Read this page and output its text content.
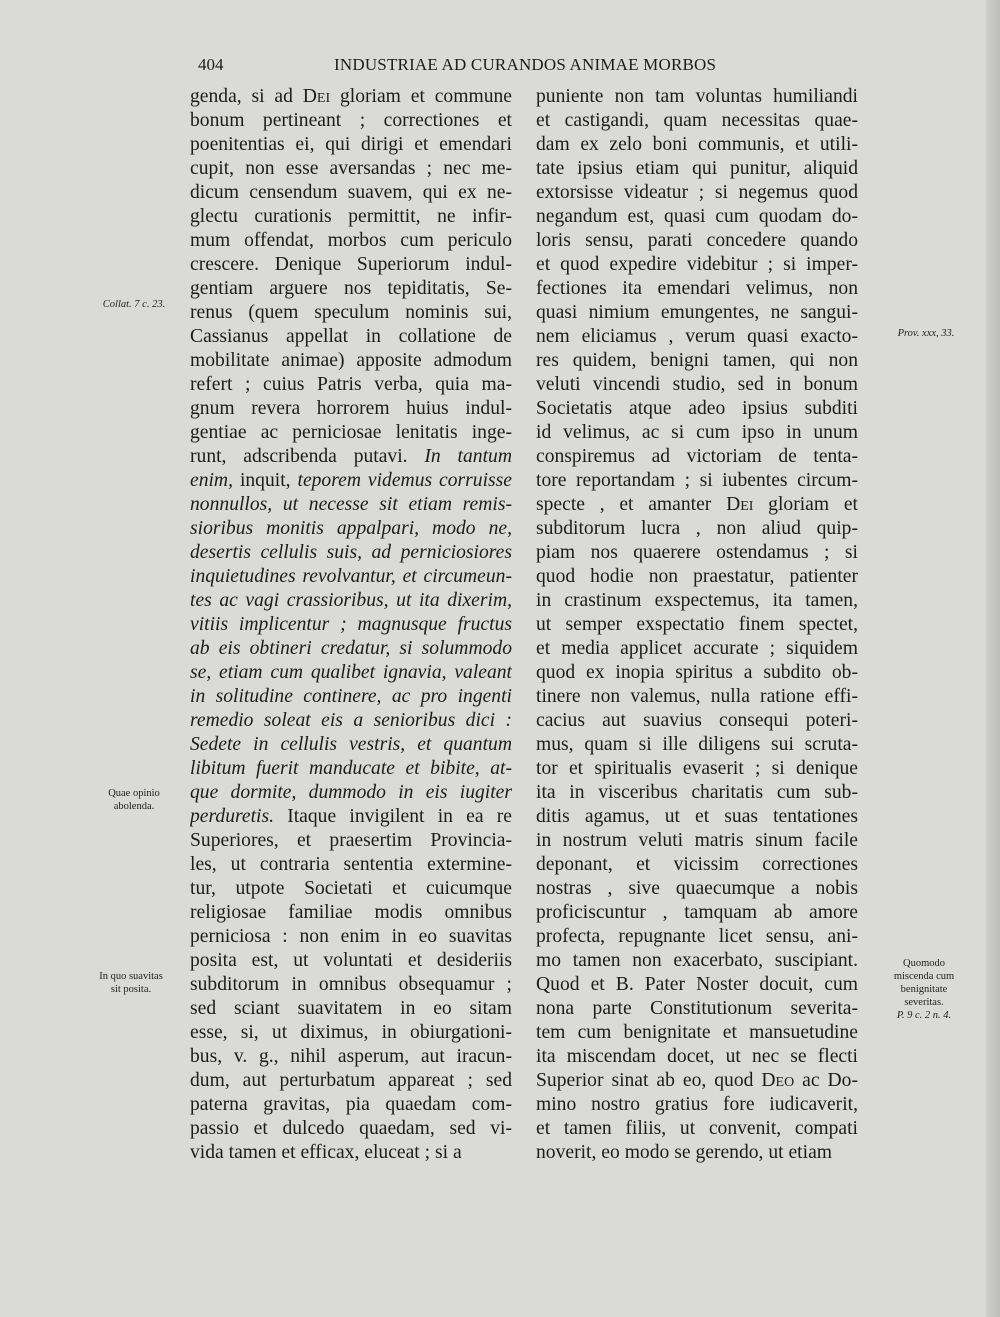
404	INDUSTRIAE AD CURANDOS ANIMAE MORBOS
genda, si ad Dei gloriam et commune
bonum pertineant ; correctiones et
poenitentias ei, qui dirigi et emendari
cupit, non esse aversandas ; nec me-
dicum censendum suavem, qui ex ne-
glectu curationis permittit, ne infir-
mum offendat, morbos cum periculo
crescere. Denique Superiorum indul-
gentiam arguere nos tepiditatis, Se-
renus (quem speculum nominis sui,
Cassianus appellat in collatione de
mobilitate animae) apposite admodum
refert ; cuius Patris verba, quia ma-
gnum revera horrorem huius indul-
gentiae ac perniciosae lenitatis inge-
runt, adscribenda putavi. In tantum
enim, inquit, teporem videmus corruisse
nonnullos, ut necesse sit etiam remis-
sioribus monitis appalpari, modo ne,
desertis cellulis suis, ad perniciosiores
inquietudines revolvantur, et circumeun-
tes ac vagi crassioribus, ut ita dixerim,
vitiis implicentur ; magnusque fructus
ab eis obtineri credatur, si solummodo
se, etiam cum qualibet ignavia, valeant
in solitudine continere, ac pro ingenti
remedio soleat eis a senioribus dici :
Sedete in cellulis vestris, et quantum
libitum fuerit manducate et bibite, at-
que dormite, dummodo in eis iugiter
perduretis. Itaque invigilent in ea re
Superiores, et praesertim Provincia-
les, ut contraria sententia extermine-
tur, utpote Societati et cuicumque
religiosae familiae modis omnibus
perniciosa : non enim in eo suavitas
posita est, ut voluntati et desideriis
subditorum in omnibus obsequamur ;
sed sciant suavitatem in eo sitam
esse, si, ut diximus, in obiurgationi-
bus, v. g., nihil asperum, aut iracun-
dum, aut perturbatum appareat ; sed
paterna gravitas, pia quaedam com-
passio et dulcedo quaedam, sed vi-
vida tamen et efficax, eluceat ; si a
puniente non tam voluntas humiliandi
et castigandi, quam necessitas quae-
dam ex zelo boni communis, et utili-
tate ipsius etiam qui punitur, aliquid
extorsisse videatur ; si negemus quod
negandum est, quasi cum quodam do-
loris sensu, parati concedere quando
et quod expedire videbitur ; si imper-
fectiones ita emendari velimus, non
quasi nimium emungentes, ne sangui-
nem eliciamus , verum quasi exacto-
res quidem, benigni tamen, qui non
veluti vincendi studio, sed in bonum
Societatis atque adeo ipsius subditi
id velimus, ac si cum ipso in unum
conspiremus ad victoriam de tenta-
tore reportandam ; si iubentes circum-
specte , et amanter Dei gloriam et
subditorum lucra , non aliud quip-
piam nos quaerere ostendamus ; si
quod hodie non praestatur, patienter
in crastinum exspectemus, ita tamen,
ut semper exspectatio finem spectet,
et media applicet accurate ; siquidem
quod ex inopia spiritus a subdito ob-
tinere non valemus, nulla ratione effi-
cacius aut suavius consequi poteri-
mus, quam si ille diligens sui scruta-
tor et spiritualis evaserit ; si denique
ita in visceribus charitatis cum sub-
ditis agamus, ut et suas tentationes
in nostrum veluti matris sinum facile
deponant, et vicissim correctiones
nostras , sive quaecumque a nobis
proficiscuntur , tamquam ab amore
profecta, repugnante licet sensu, ani-
mo tamen non exacerbato, suscipiant.
Quod et B. Pater Noster docuit, cum
nona parte Constitutionum severita-
tem cum benignitate et mansuetudine
ita miscendam docet, ut nec se flecti
Superior sinat ab eo, quod Deo ac Do-
mino nostro gratius fore iudicaverit,
et tamen filiis, ut convenit, compati
noverit, eo modo se gerendo, ut etiam
Collat. 7 c. 23.
Quae opinio
abolenda.
In quo suavitas
sit posita.
Prov. xxx, 33.
Quomodo
miscenda cum
benignitate
severitas.
P. 9 c. 2 n. 4.
